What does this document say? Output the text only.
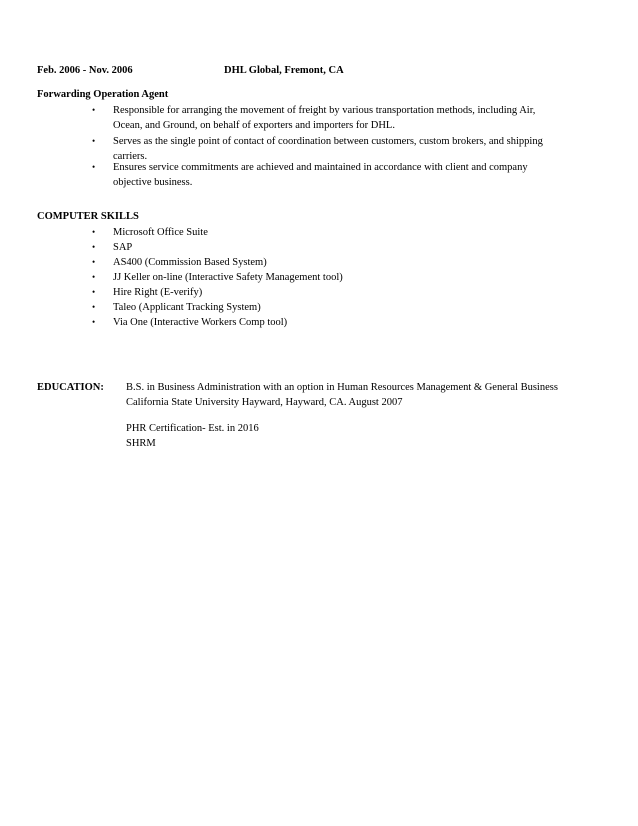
Feb. 2006 - Nov. 2006	DHL Global, Fremont, CA
Forwarding Operation Agent
•	Responsible for arranging the movement of freight by various transportation methods, including Air,
Ocean, and Ground, on behalf of exporters and importers for DHL.
•	Serves as the single point of contact of coordination between customers, custom brokers, and shipping
carriers.
•	Ensures service commitments are achieved and maintained in accordance with client and company
objective business.
COMPUTER SKILLS
•	Microsoft Office Suite
•	SAP
•	AS400 (Commission Based System)
•	JJ Keller on-line (Interactive Safety Management tool)
•	Hire Right (E-verify)
•	Taleo (Applicant Tracking System)
•	Via One (Interactive Workers Comp tool)
EDUCATION: B.S. in Business Administration with an option in Human Resources Management & General Business
California State University Hayward, Hayward, CA. August 2007
PHR Certification- Est. in 2016
SHRM
